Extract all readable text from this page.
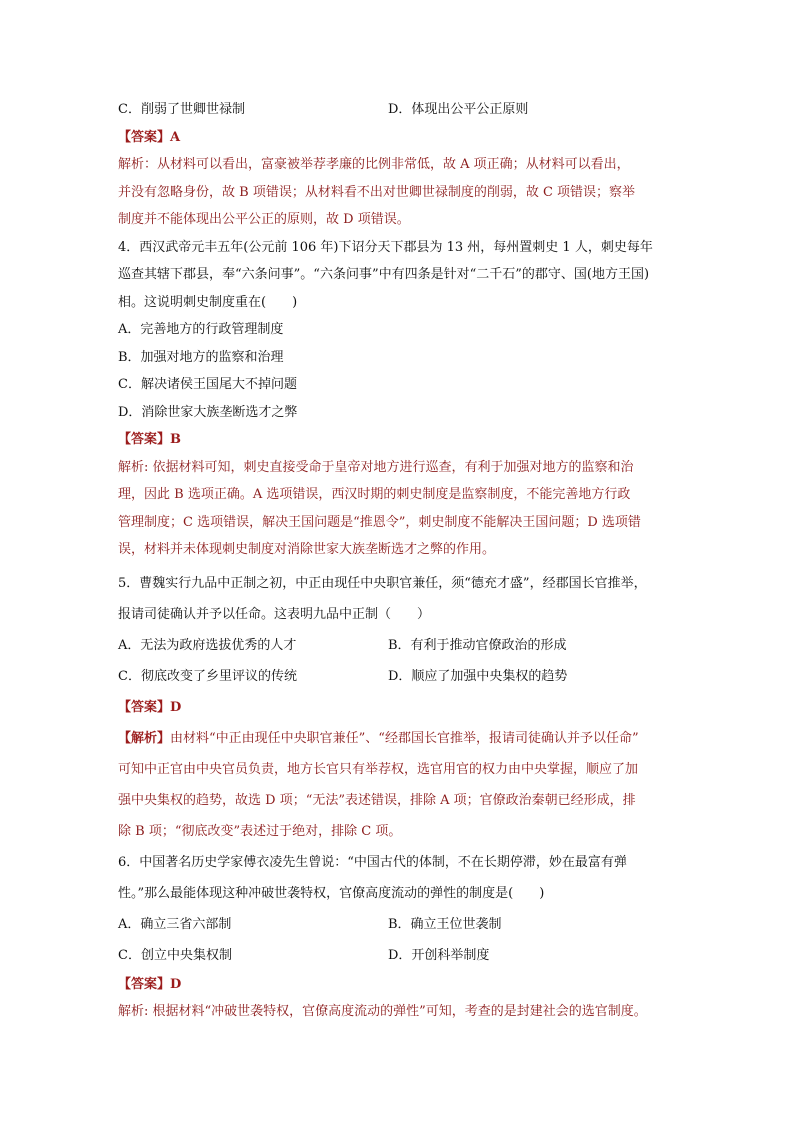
C．削弱了世卿世禄制	D．体现出公平公正原则
【答案】A
解析：从材料可以看出，富豪被举荐孝廉的比例非常低，故 A 项正确；从材料可以看出，
并没有忽略身份，故 B 项错误；从材料看不出对世卿世禄制度的削弱，故 C 项错误；察举
制度并不能体现出公平公正的原则，故 D 项错误。
4．西汉武帝元丰五年(公元前 106 年)下诏分天下郡县为 13 州，每州置刺史 1 人，刺史每年
巡查其辖下郡县，奉“六条问事”。“六条问事”中有四条是针对“二千石”的郡守、国(地方王国)
相。这说明刺史制度重在(　　)
A．完善地方的行政管理制度
B．加强对地方的监察和治理
C．解决诸侯王国尾大不掉问题
D．消除世家大族垄断选才之弊
【答案】B
解析: 依据材料可知，刺史直接受命于皇帝对地方进行巡查，有利于加强对地方的监察和治
理，因此 B 选项正确。A 选项错误，西汉时期的刺史制度是监察制度，不能完善地方行政
管理制度；C 选项错误，解决王国问题是“推恩令”，刺史制度不能解决王国问题；D 选项错
误，材料并未体现刺史制度对消除世家大族垄断选才之弊的作用。
5．曹魏实行九品中正制之初，中正由现任中央职官兼任，须“德充才盛”，经郡国长官推举，
报请司徒确认并予以任命。这表明九品中正制（　　）
A．无法为政府选拔优秀的人才	B．有利于推动官僚政治的形成
C．彻底改变了乡里评议的传统	D．顺应了加强中央集权的趋势
【答案】D
【解析】由材料“中正由现任中央职官兼任”、“经郡国长官推举，报请司徒确认并予以任命”
可知中正官由中央官员负责，地方长官只有举荐权，选官用官的权力由中央掌握，顺应了加
强中央集权的趋势，故选 D 项；“无法”表述错误，排除 A 项；官僚政治秦朝已经形成，排
除 B 项；“彻底改变”表述过于绝对，排除 C 项。
6．中国著名历史学家傅衣凌先生曾说：“中国古代的体制，不在长期停滞，妙在最富有弹
性。”那么最能体现这种冲破世袭特权，官僚高度流动的弹性的制度是(　　)
A．确立三省六部制	B．确立王位世袭制
C．创立中央集权制	D．开创科举制度
【答案】D
解析: 根据材料“冲破世袭特权，官僚高度流动的弹性”可知，考查的是封建社会的选官制度。
